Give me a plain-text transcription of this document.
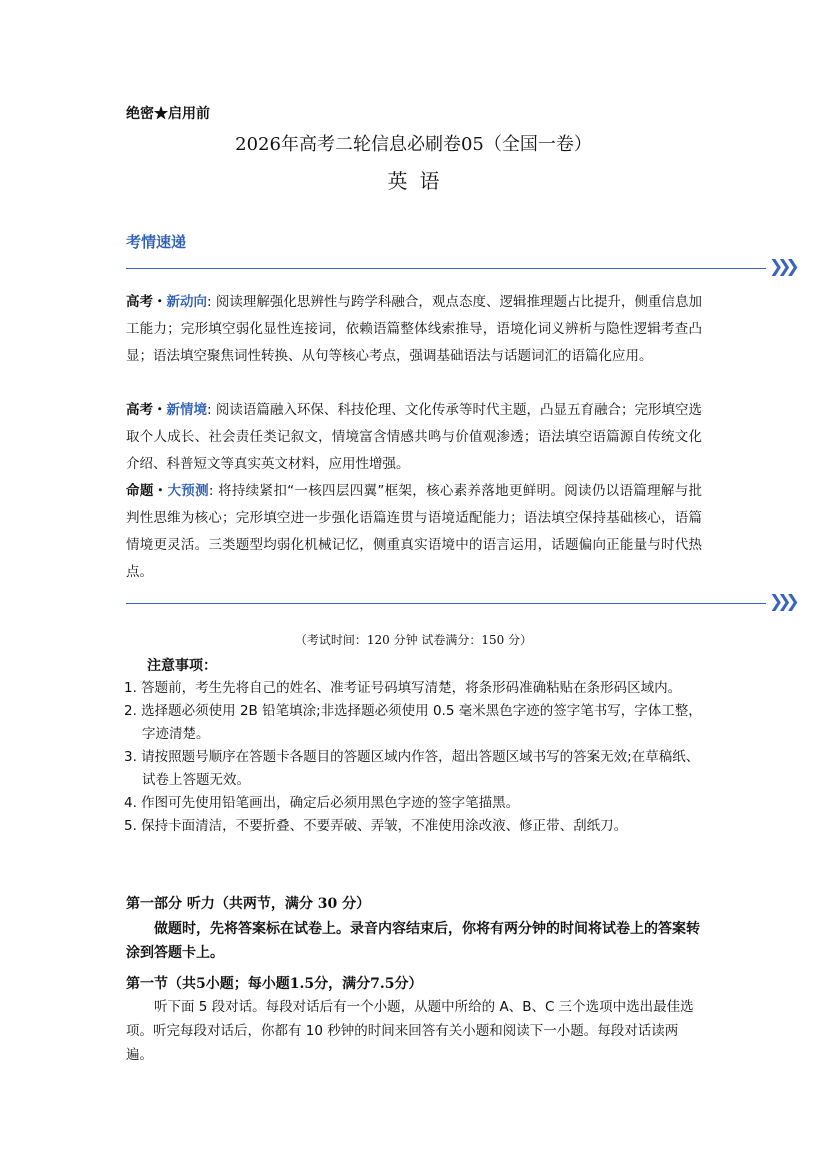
绝密★启用前
2026年高考二轮信息必刷卷05（全国一卷）
英语
考情速递
❯❯❯
高考・新动向: 阅读理解强化思辨性与跨学科融合，观点态度、逻辑推理题占比提升，侧重信息加工能力；完形填空弱化显性连接词，依赖语篇整体线索推导，语境化词义辨析与隐性逻辑考查凸显；语法填空聚焦词性转换、从句等核心考点，强调基础语法与话题词汇的语篇化应用。
高考・新情境: 阅读语篇融入环保、科技伦理、文化传承等时代主题，凸显五育融合；完形填空选取个人成长、社会责任类记叙文，情境富含情感共鸣与价值观渗透；语法填空语篇源自传统文化介绍、科普短文等真实英文材料，应用性增强。
命题・大预测: 将持续紧扣“一核四层四翼”框架，核心素养落地更鲜明。阅读仍以语篇理解与批判性思维为核心；完形填空进一步强化语篇连贯与语境适配能力；语法填空保持基础核心，语篇情境更灵活。三类题型均弱化机械记忆，侧重真实语境中的语言运用，话题偏向正能量与时代热点。
❯❯❯
（考试时间：120 分钟 试卷满分：150 分）
注意事项：

1. 答题前，考生先将自己的姓名、准考证号码填写清楚，将条形码准确粘贴在条形码区域内。

2. 选择题必须使用 2B 铅笔填涂;非选择题必须使用 0.5 毫米黑色字迹的签字笔书写，字体工整，字迹清楚。

3. 请按照题号顺序在答题卡各题目的答题区域内作答，超出答题区域书写的答案无效;在草稿纸、试卷上答题无效。

4. 作图可先使用铅笔画出，确定后必须用黑色字迹的签字笔描黑。

5. 保持卡面清洁，不要折叠、不要弄破、弄皱，不准使用涂改液、修正带、刮纸刀。

第一部分 听力（共两节，满分 30 分）
做题时，先将答案标在试卷上。录音内容结束后，你将有两分钟的时间将试卷上的答案转涂到答题卡上。
第一节（共5小题；每小题1.5分，满分7.5分）
听下面 5 段对话。每段对话后有一个小题，从题中所给的 A、B、C 三个选项中选出最佳选项。听完每段对话后，你都有 10 秒钟的时间来回答有关小题和阅读下一小题。每段对话读两遍。
